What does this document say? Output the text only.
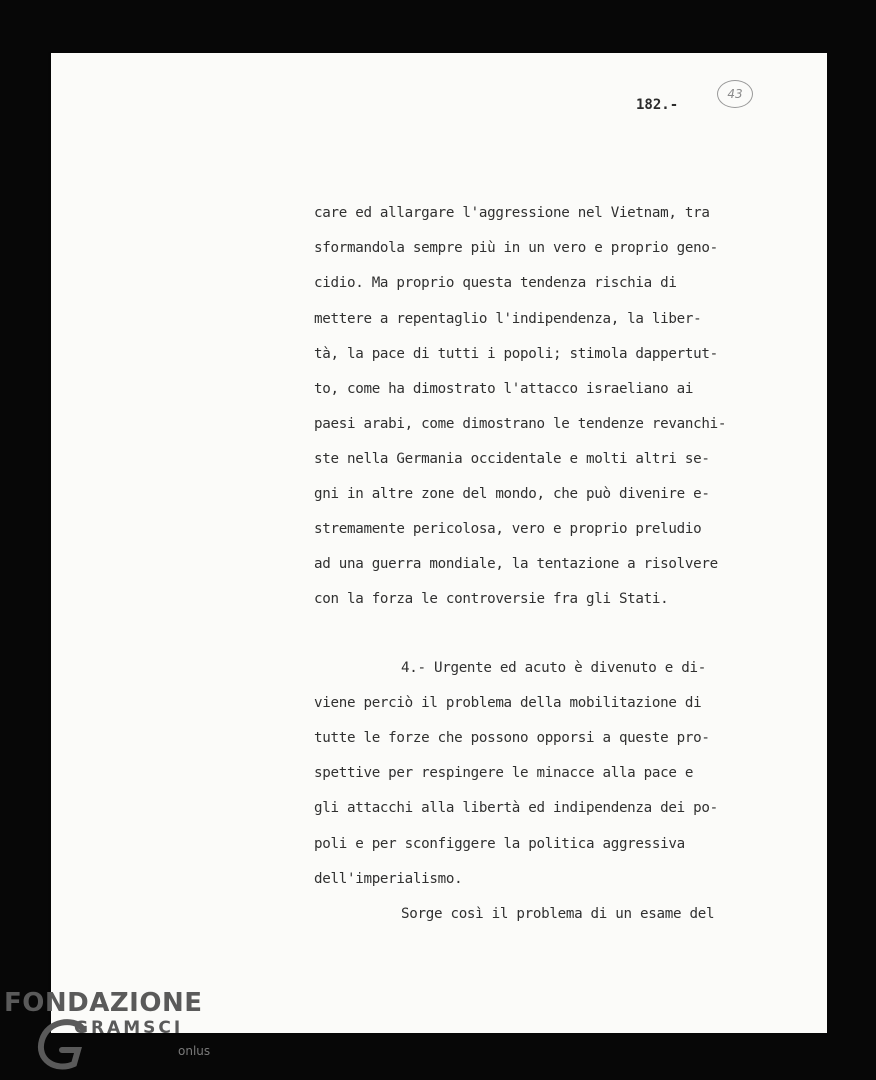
43
182.-
care ed allargare l'aggressione nel Vietnam, tra
sformandola sempre più in un vero e proprio geno-
cidio. Ma proprio questa tendenza rischia di
mettere a repentaglio l'indipendenza, la liber-
tà, la pace di tutti i popoli; stimola dappertut-
to, come ha dimostrato l'attacco israeliano ai
paesi arabi, come dimostrano le tendenze revanchi-
ste nella Germania occidentale e molti altri se-
gni in altre zone del mondo, che può divenire e-
stremamente pericolosa, vero e proprio preludio
ad una guerra mondiale, la tentazione a risolvere
con la forza le controversie fra gli Stati.
4.- Urgente ed acuto è divenuto e di-
viene perciò il problema della mobilitazione di
tutte le forze che possono opporsi a queste pro-
spettive per respingere le minacce alla pace e
gli attacchi alla libertà ed indipendenza dei po-
poli e per sconfiggere la politica aggressiva
dell'imperialismo.
Sorge così il problema di un esame del
FONDAZIONE
GRAMSCI
onlus
